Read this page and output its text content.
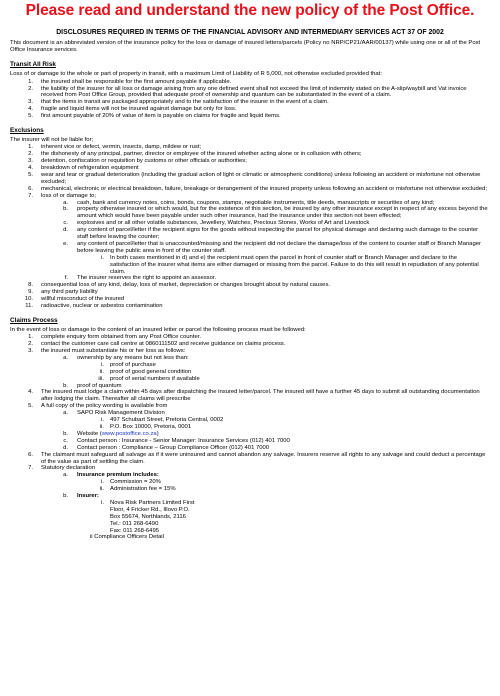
Please read and understand the new policy of the Post Office.
DISCLOSURES REQUIRED IN TERMS OF THE FINANCIAL ADVISORY AND INTERMEDIARY SERVICES ACT 37 OF 2002
This document is an abbreviated version of the insurance policy for the loss or damage of insured letters/parcels (Policy no NRP/CP21/AAR/00137) while using one or all of the Post Office Insurance services.
Transit All Risk
Loss of or damage to the whole or part of property in transit, with a maximum Limit of Liability of R 5,000, not otherwise excluded provided that:
1. the insured shall be responsible for the first amount payable if applicable.
2. the liability of the insurer for all loss or damage arising from any one defined event shall not exceed the limit of indemnity stated on the A-slip/waybill and Vat invoice received from Post Office Group, provided that adequate proof of ownership and quantum can be substantiated in the event of a claim.
3. that the items in transit are packaged appropriately and to the satisfaction of the insurer in the event of a claim.
4. fragile and liquid items will not be insured against damage but only for loss.
5. first amount payable of 20% of value of item is payable on claims for fragile and liquid items.
Exclusions
The insurer will not be liable for;
1. inherent vice or defect, vermin, insects, damp, mildew or rust;
2. the dishonesty of any principal, partner, director or employee of the insured whether acting alone or in collusion with others;
3. detention, confiscation or requisition by customs or other officials or authorities;
4. breakdown of refrigeration equipment
5. wear and tear or gradual deterioration (including the gradual action of light or climatic or atmospheric conditions) unless following an accident or misfortune not otherwise excluded;
6. mechanical, electronic or electrical breakdown, failure, breakage or derangement of the insured property unless following an accident or misfortune not otherwise excluded;
7. loss of or damage to;
a. cash, bank and currency notes, coins, bonds, coupons, stamps, negotiable instruments, title deeds, manuscripts or securities of any kind;
b. property otherwise insured or which would, but for the existence of this section, be insured by any other insurance except in respect of any excess beyond the amount which would have been payable under such other insurance, had the insurance under this section not been effected;
c. explosives and or all other volatile substances, Jewellery, Watches, Precious Stones, Works of Art and Livestock
d. any content of parcel/letter if the recipient signs for the goods without inspecting the parcel for physical damage and declaring such damage to the counter staff before leaving the counter;
e. any content of parcel/letter that is unaccounted/missing and the recipient did not declare the damage/loss of the content to counter staff or Branch Manager before leaving the public area in front of the counter staff.
i. In both cases mentioned in d) and e) the recipient must open the parcel in front of counter staff or Branch Manager and declare to the satisfaction of the insurer what items are either damaged or missing from the parcel. Failure to do this will result in repudiation of any potential claim.
f. The insurer reserves the right to appoint an assessor.
8. consequential loss of any kind, delay, loss of market, depreciation or changes brought about by natural causes.
9. any third party liability
10. willful misconduct of the insured
11. radioactive, nuclear or asbestos contamination
Claims Process
In the event of loss or damage to the content of an insured letter or parcel the following process must be followed:
1. complete enquiry form obtained from any Post Office counter.
2. contact the customer care call centre at 0860111502 and receive guidance on claims process.
3. the insured must substantiate his or her loss as follows:
a. ownership by any means but not less than:
i. proof of purchase
ii. proof of good general condition
iii. proof of serial numbers if available
b. proof of quantum
4. The insured must lodge a claim within 45 days after dispatching the insured letter/parcel. The insured will have a further 45 days to submit all outstanding documentation after lodging the claim. Thereafter all claims will prescribe
5. A full copy of the policy wording is available from
a. SAPO Risk Management Division
i. 497 Schubart Street, Pretoria Central, 0002
ii. P.O. Box 10000, Pretoria, 0001
b. Website (www.postoffice.co.za)
c. Contact person : Insurance - Senior Manager: Insurance Services (012) 401 7000
d. Contact person : Compliance – Group Compliance Officer (012) 401 7000
6. The claimant must safeguard all salvage as if it were uninsured and cannot abandon any salvage. Insurers reserve all rights to any salvage and could deduct a percentage of the value as part of settling the claim.
7. Statutory declaration
a. Insurance premium includes:
i. Commission = 20%
ii. Administration fee = 15%
b. Insurer:
i. Nova Risk Partners Limited First
Floor, 4 Fricker Rd., Illovo P.O.
Box 55674, Northlands, 2116
Tel.: 011 268-6490
Fax: 011 268-6495
ii Compliance Officers Detail
